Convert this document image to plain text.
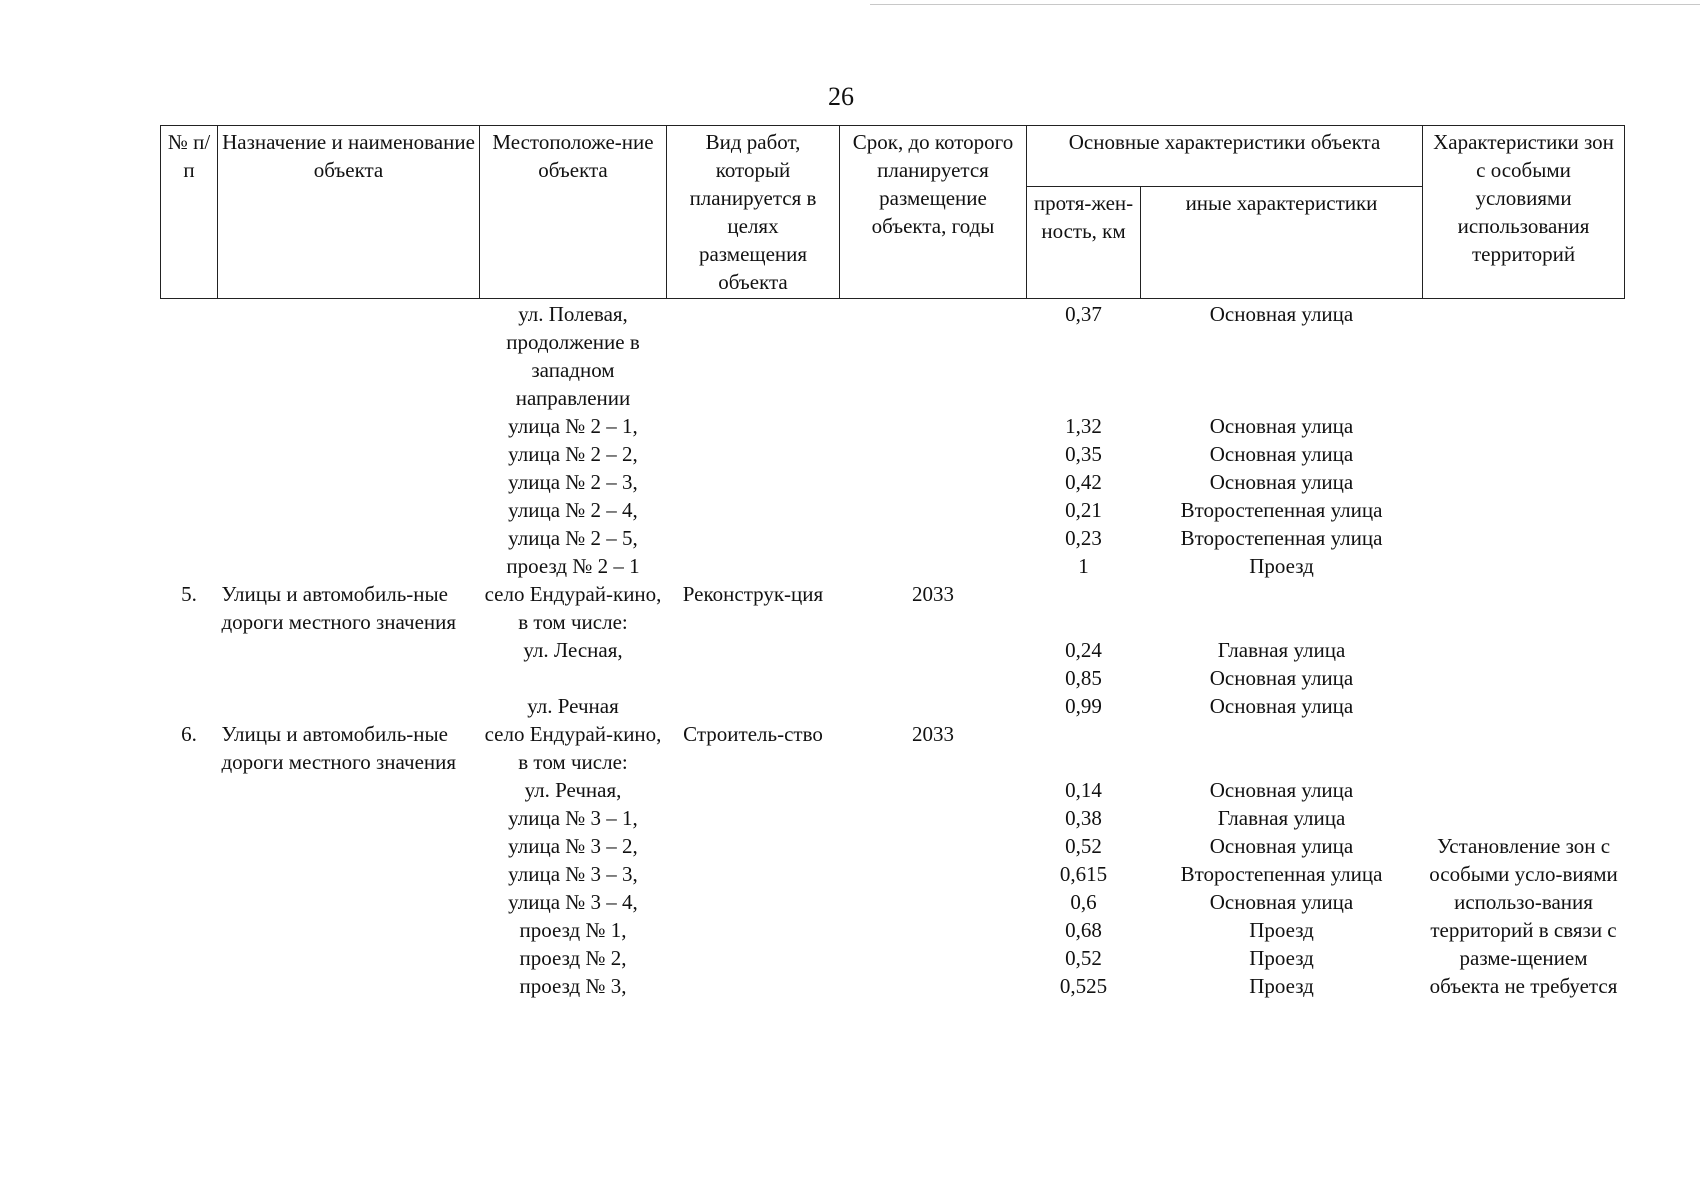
26
№ п/п	Назначение и наименование объекта	Местоположе-ние объекта	Вид работ, который планируется в целях размещения объекта	Срок, до которого планируется размещение объекта, годы	Основные характеристики объекта		Характеристики зон с особыми условиями использования территорий
					протя-жен-ность, км	иные характеристики	
		ул. Полевая, продолжение в западном направлении			0,37	Основная улица	
		улица № 2 – 1,			1,32	Основная улица	
		улица № 2 – 2,			0,35	Основная улица	
		улица № 2 – 3,			0,42	Основная улица	
		улица № 2 – 4,			0,21	Второстепенная улица	
		улица № 2 – 5,			0,23	Второстепенная улица	
		проезд № 2 – 1			1	Проезд	
5.	Улицы и автомобиль-ные дороги местного значения	село Ендурай-кино, в том числе:	Реконструк-ция	2033			
		ул. Лесная,			0,24	Главная улица	
					0,85	Основная улица	
		ул. Речная			0,99	Основная улица	
6.	Улицы и автомобиль-ные дороги местного значения	село Ендурай-кино, в том числе:	Строитель-ство	2033			
		ул. Речная,			0,14	Основная улица	
		улица № 3 – 1,			0,38	Главная улица	
		улица № 3 – 2,			0,52	Основная улица	Установление зон с особыми усло-виями использо-вания территорий в связи с разме-щением объекта не требуется
		улица № 3 – 3,			0,615	Второстепенная улица	
		улица № 3 – 4,			0,6	Основная улица	
		проезд № 1,			0,68	Проезд	
		проезд № 2,			0,52	Проезд	
		проезд № 3,			0,525	Проезд	
